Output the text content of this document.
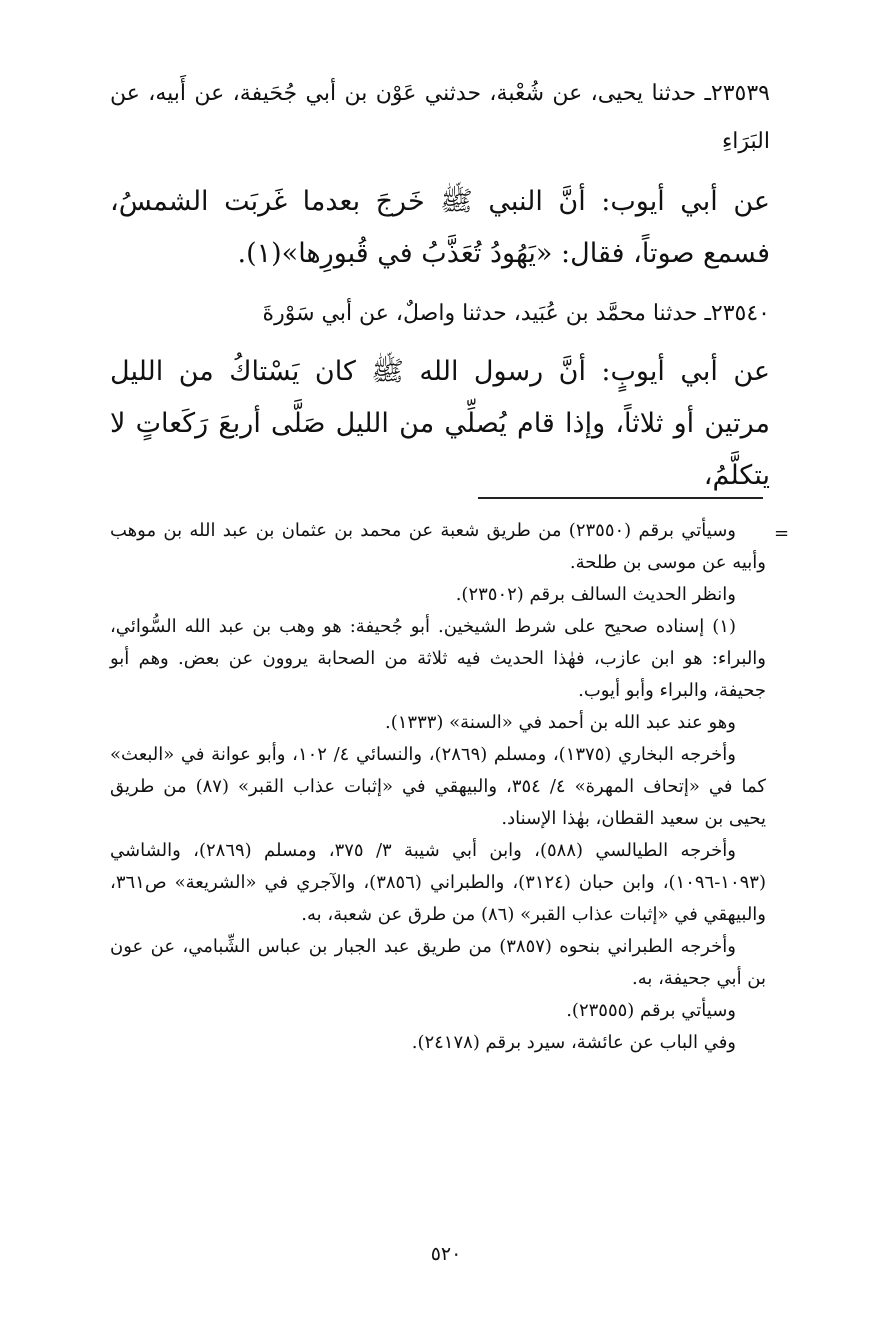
٢٣٥٣٩ـ حدثنا يحيى، عن شُعْبة، حدثني عَوْن بن أبي جُحَيفة، عن أَبيه، عن البَرَاءِ

عن أبي أيوب: أنَّ النبي ﷺ خَرجَ بعدما غَربَت الشمسُ، فسمع صوتاً، فقال: «يَهُودُ تُعَذَّبُ في قُبورِها»(١).

٢٣٥٤٠ـ حدثنا محمَّد بن عُبَيد، حدثنا واصلٌ، عن أبي سَوْرةَ

عن أبي أيوبٍ: أنَّ رسول الله ﷺ كان يَسْتاكُ من الليل مرتين أو ثلاثاً، وإذا قام يُصلِّي من الليل صَلَّى أربعَ رَكَعاتٍ لا يتكلَّمُ،

=

وسيأتي برقم (٢٣٥٥٠) من طريق شعبة عن محمد بن عثمان بن عبد الله بن موهب وأبيه عن موسى بن طلحة.

وانظر الحديث السالف برقم (٢٣٥٠٢).

(١) إسناده صحيح على شرط الشيخين. أبو جُحيفة: هو وهب بن عبد الله السُّوائي، والبراء: هو ابن عازب، فهٰذا الحديث فيه ثلاثة من الصحابة يروون عن بعض. وهم أبو جحيفة، والبراء وأبو أيوب.

وهو عند عبد الله بن أحمد في «السنة» (١٣٣٣).

وأخرجه البخاري (١٣٧٥)، ومسلم (٢٨٦٩)، والنسائي ٤/ ١٠٢، وأبو عوانة في «البعث» كما في «إتحاف المهرة» ٤/ ٣٥٤، والبيهقي في «إثبات عذاب القبر» (٨٧) من طريق يحيى بن سعيد القطان، بهٰذا الإسناد.

وأخرجه الطيالسي (٥٨٨)، وابن أبي شيبة ٣/ ٣٧٥، ومسلم (٢٨٦٩)، والشاشي (١٠٩٣-١٠٩٦)، وابن حبان (٣١٢٤)، والطبراني (٣٨٥٦)، والآجري في «الشريعة» ص٣٦١، والبيهقي في «إثبات عذاب القبر» (٨٦) من طرق عن شعبة، به.

وأخرجه الطبراني بنحوه (٣٨٥٧) من طريق عبد الجبار بن عباس الشِّبامي، عن عون بن أبي جحيفة، به.

وسيأتي برقم (٢٣٥٥٥).

وفي الباب عن عائشة، سيرد برقم (٢٤١٧٨).

٥٢٠
